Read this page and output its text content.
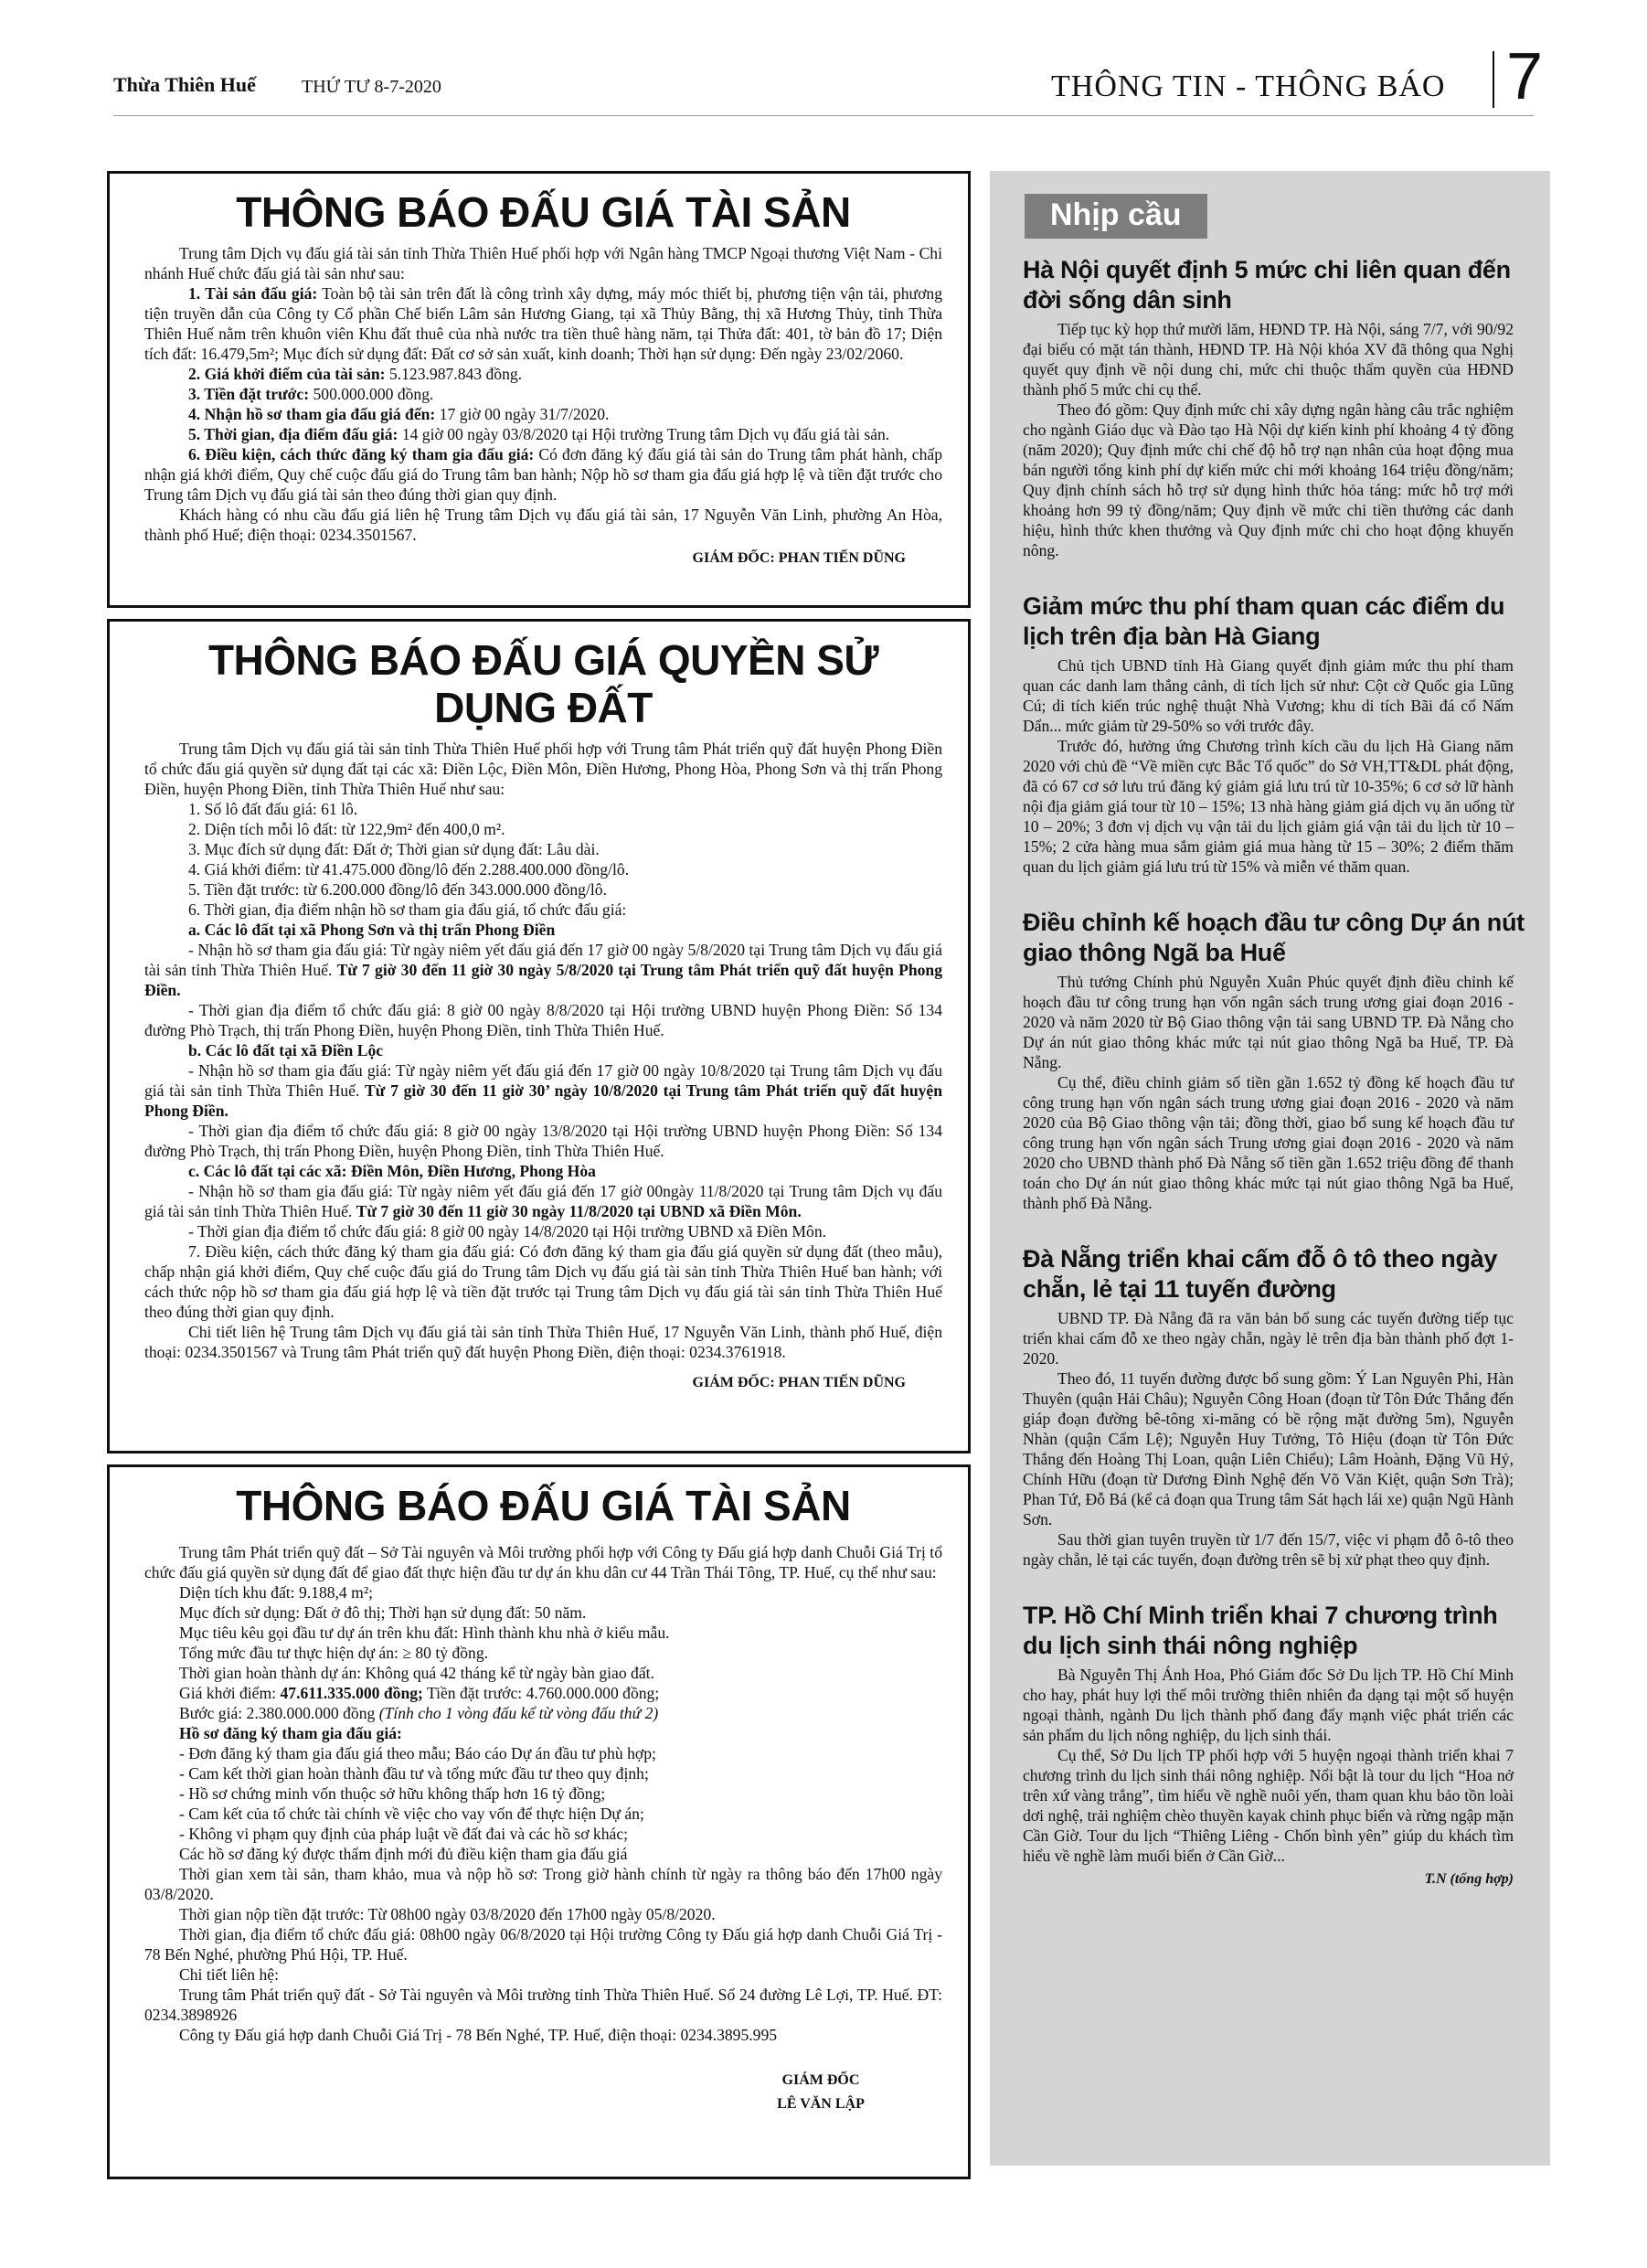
Thừa Thiên Huế	THỨ TƯ 8-7-2020	THÔNG TIN - THÔNG BÁO 7
THÔNG BÁO ĐẤU GIÁ TÀI SẢN

Trung tâm Dịch vụ đấu giá tài sản tỉnh Thừa Thiên Huế phối hợp với Ngân hàng TMCP Ngoại thương Việt Nam - Chi nhánh Huế chức đấu giá tài sản như sau:

1. Tài sản đấu giá: Toàn bộ tài sản trên đất là công trình xây dựng, máy móc thiết bị, phương tiện vận tải, phương tiện truyền dẫn của Công ty Cổ phần Chế biến Lâm sản Hương Giang, tại xã Thủy Bằng, thị xã Hương Thủy, tỉnh Thừa Thiên Huế nằm trên khuôn viên Khu đất thuê của nhà nước tra tiền thuê hàng năm, tại Thửa đất: 401, tờ bản đồ 17; Diện tích đất: 16.479,5m²; Mục đích sử dụng đất: Đất cơ sở sản xuất, kinh doanh; Thời hạn sử dụng: Đến ngày 23/02/2060.

2. Giá khởi điểm của tài sản: 5.123.987.843 đồng.

3. Tiền đặt trước: 500.000.000 đồng.

4. Nhận hồ sơ tham gia đấu giá đến: 17 giờ 00 ngày 31/7/2020.

5. Thời gian, địa điểm đấu giá: 14 giờ 00 ngày 03/8/2020 tại Hội trường Trung tâm Dịch vụ đấu giá tài sản.

6. Điều kiện, cách thức đăng ký tham gia đấu giá: Có đơn đăng ký đấu giá tài sản do Trung tâm phát hành, chấp nhận giá khởi điểm, Quy chế cuộc đấu giá do Trung tâm ban hành; Nộp hồ sơ tham gia đấu giá hợp lệ và tiền đặt trước cho Trung tâm Dịch vụ đấu giá tài sản theo đúng thời gian quy định.

Khách hàng có nhu cầu đấu giá liên hệ Trung tâm Dịch vụ đấu giá tài sản, 17 Nguyễn Văn Linh, phường An Hòa, thành phố Huế; điện thoại: 0234.3501567.

GIÁM ĐỐC: PHAN TIẾN DŨNG
THÔNG BÁO ĐẤU GIÁ QUYỀN SỬ DỤNG ĐẤT

Trung tâm Dịch vụ đấu giá tài sản tỉnh Thừa Thiên Huế phối hợp với Trung tâm Phát triển quỹ đất huyện Phong Điền tổ chức đấu giá quyền sử dụng đất tại các xã: Điền Lộc, Điền Môn, Điền Hương, Phong Hòa, Phong Sơn và thị trấn Phong Điền, huyện Phong Điền, tỉnh Thừa Thiên Huế như sau:

1. Số lô đất đấu giá: 61 lô.

2. Diện tích mỗi lô đất: từ 122,9m² đến 400,0 m².

3. Mục đích sử dụng đất: Đất ở; Thời gian sử dụng đất: Lâu dài.

4. Giá khởi điểm: từ 41.475.000 đồng/lô đến 2.288.400.000 đồng/lô.

5. Tiền đặt trước: từ 6.200.000 đồng/lô đến 343.000.000 đồng/lô.

6. Thời gian, địa điểm nhận hồ sơ tham gia đấu giá, tổ chức đấu giá:

a. Các lô đất tại xã Phong Sơn và thị trấn Phong Điền

- Nhận hồ sơ tham gia đấu giá: Từ ngày niêm yết đấu giá đến 17 giờ 00 ngày 5/8/2020 tại Trung tâm Dịch vụ đấu giá tài sản tỉnh Thừa Thiên Huế. Từ 7 giờ 30 đến 11 giờ 30 ngày 5/8/2020 tại Trung tâm Phát triển quỹ đất huyện Phong Điền.

- Thời gian địa điểm tổ chức đấu giá: 8 giờ 00 ngày 8/8/2020 tại Hội trường UBND huyện Phong Điền: Số 134 đường Phò Trạch, thị trấn Phong Điền, huyện Phong Điền, tỉnh Thừa Thiên Huế.

b. Các lô đất tại xã Điền Lộc

- Nhận hồ sơ tham gia đấu giá: Từ ngày niêm yết đấu giá đến 17 giờ 00 ngày 10/8/2020 tại Trung tâm Dịch vụ đấu giá tài sản tỉnh Thừa Thiên Huế. Từ 7 giờ 30 đến 11 giờ 30’ ngày 10/8/2020 tại Trung tâm Phát triển quỹ đất huyện Phong Điền.

- Thời gian địa điểm tổ chức đấu giá: 8 giờ 00 ngày 13/8/2020 tại Hội trường UBND huyện Phong Điền: Số 134 đường Phò Trạch, thị trấn Phong Điền, huyện Phong Điền, tỉnh Thừa Thiên Huế.

c. Các lô đất tại các xã: Điền Môn, Điền Hương, Phong Hòa

- Nhận hồ sơ tham gia đấu giá: Từ ngày niêm yết đấu giá đến 17 giờ 00ngày 11/8/2020 tại Trung tâm Dịch vụ đấu giá tài sản tỉnh Thừa Thiên Huế. Từ 7 giờ 30 đến 11 giờ 30 ngày 11/8/2020 tại UBND xã Điền Môn.

- Thời gian địa điểm tổ chức đấu giá: 8 giờ 00 ngày 14/8/2020 tại Hội trường UBND xã Điền Môn.

7. Điều kiện, cách thức đăng ký tham gia đấu giá: Có đơn đăng ký tham gia đấu giá quyền sử dụng đất (theo mẫu), chấp nhận giá khởi điểm, Quy chế cuộc đấu giá do Trung tâm Dịch vụ đấu giá tài sản tỉnh Thừa Thiên Huế ban hành; với cách thức nộp hồ sơ tham gia đấu giá hợp lệ và tiền đặt trước tại Trung tâm Dịch vụ đấu giá tài sản tỉnh Thừa Thiên Huế theo đúng thời gian quy định.

Chi tiết liên hệ Trung tâm Dịch vụ đấu giá tài sản tỉnh Thừa Thiên Huế, 17 Nguyễn Văn Linh, thành phố Huế, điện thoại: 0234.3501567 và Trung tâm Phát triển quỹ đất huyện Phong Điền, điện thoại: 0234.3761918.

GIÁM ĐỐC: PHAN TIẾN DŨNG
THÔNG BÁO ĐẤU GIÁ TÀI SẢN

Trung tâm Phát triển quỹ đất – Sở Tài nguyên và Môi trường phối hợp với Công ty Đấu giá hợp danh Chuỗi Giá Trị tổ chức đấu giá quyền sử dụng đất để giao đất thực hiện đầu tư dự án khu dân cư 44 Trần Thái Tông, TP. Huế, cụ thể như sau:

Diện tích khu đất: 9.188,4 m²;

Mục đích sử dụng: Đất ở đô thị; Thời hạn sử dụng đất: 50 năm.

Mục tiêu kêu gọi đầu tư dự án trên khu đất: Hình thành khu nhà ở kiểu mẫu.

Tổng mức đầu tư thực hiện dự án: ≥ 80 tỷ đồng.

Thời gian hoàn thành dự án: Không quá 42 tháng kể từ ngày bàn giao đất.

Giá khởi điểm: 47.611.335.000 đồng; Tiền đặt trước: 4.760.000.000 đồng;

Bước giá: 2.380.000.000 đồng (Tính cho 1 vòng đấu kể từ vòng đấu thứ 2)

Hồ sơ đăng ký tham gia đấu giá:

- Đơn đăng ký tham gia đấu giá theo mẫu; Báo cáo Dự án đầu tư phù hợp;

- Cam kết thời gian hoàn thành đầu tư và tổng mức đầu tư theo quy định;

- Hồ sơ chứng minh vốn thuộc sở hữu không thấp hơn 16 tỷ đồng;

- Cam kết của tổ chức tài chính về việc cho vay vốn để thực hiện Dự án;

- Không vi phạm quy định của pháp luật về đất đai và các hồ sơ khác;

Các hồ sơ đăng ký được thẩm định mới đủ điều kiện tham gia đấu giá

Thời gian xem tài sản, tham khảo, mua và nộp hồ sơ: Trong giờ hành chính từ ngày ra thông báo đến 17h00 ngày 03/8/2020.

Thời gian nộp tiền đặt trước: Từ 08h00 ngày 03/8/2020 đến 17h00 ngày 05/8/2020.

Thời gian, địa điểm tổ chức đấu giá: 08h00 ngày 06/8/2020 tại Hội trường Công ty Đấu giá hợp danh Chuỗi Giá Trị - 78 Bến Nghé, phường Phú Hội, TP. Huế.

Chi tiết liên hệ:

Trung tâm Phát triển quỹ đất - Sở Tài nguyên và Môi trường tỉnh Thừa Thiên Huế. Số 24 đường Lê Lợi, TP. Huế. ĐT: 0234.3898926

Công ty Đấu giá hợp danh Chuỗi Giá Trị - 78 Bến Nghé, TP. Huế, điện thoại: 0234.3895.995

GIÁM ĐỐC
LÊ VĂN LẬP
Nhịp cầu
Hà Nội quyết định 5 mức chi liên quan đến đời sống dân sinh

Tiếp tục kỳ họp thứ mười lăm, HĐND TP. Hà Nội, sáng 7/7, với 90/92 đại biểu có mặt tán thành, HĐND TP. Hà Nội khóa XV đã thông qua Nghị quyết quy định về nội dung chi, mức chi thuộc thẩm quyền của HĐND thành phố 5 mức chi cụ thể.

Theo đó gồm: Quy định mức chi xây dựng ngân hàng câu trắc nghiệm cho ngành Giáo dục và Đào tạo Hà Nội dự kiến kinh phí khoảng 4 tỷ đồng (năm 2020); Quy định mức chi chế độ hỗ trợ nạn nhân của hoạt động mua bán người tổng kinh phí dự kiến mức chi mới khoảng 164 triệu đồng/năm; Quy định chính sách hỗ trợ sử dụng hình thức hỏa táng: mức hỗ trợ mới khoảng hơn 99 tỷ đồng/năm; Quy định về mức chi tiền thưởng các danh hiệu, hình thức khen thưởng và Quy định mức chi cho hoạt động khuyến nông.

Giảm mức thu phí tham quan các điểm du lịch trên địa bàn Hà Giang

Chủ tịch UBND tỉnh Hà Giang quyết định giảm mức thu phí tham quan các danh lam thắng cảnh, di tích lịch sử như: Cột cờ Quốc gia Lũng Cú; di tích kiến trúc nghệ thuật Nhà Vương; khu di tích Bãi đá cổ Nấm Dẩn... mức giảm từ 29-50% so với trước đây.

Trước đó, hưởng ứng Chương trình kích cầu du lịch Hà Giang năm 2020 với chủ đề “Về miền cực Bắc Tổ quốc” do Sở VH,TT&DL phát động, đã có 67 cơ sở lưu trú đăng ký giảm giá lưu trú từ 10-35%; 6 cơ sở lữ hành nội địa giảm giá tour từ 10 – 15%; 13 nhà hàng giảm giá dịch vụ ăn uống từ 10 – 20%; 3 đơn vị dịch vụ vận tải du lịch giảm giá vận tải du lịch từ 10 – 15%; 2 cửa hàng mua sắm giảm giá mua hàng từ 15 – 30%; 2 điểm thăm quan du lịch giảm giá lưu trú từ 15% và miễn vé thăm quan.

Điều chỉnh kế hoạch đầu tư công Dự án nút giao thông Ngã ba Huế

Thủ tướng Chính phủ Nguyễn Xuân Phúc quyết định điều chỉnh kế hoạch đầu tư công trung hạn vốn ngân sách trung ương giai đoạn 2016 - 2020 và năm 2020 từ Bộ Giao thông vận tải sang UBND TP. Đà Nẵng cho Dự án nút giao thông khác mức tại nút giao thông Ngã ba Huế, TP. Đà Nẵng.

Cụ thể, điều chỉnh giảm số tiền gần 1.652 tỷ đồng kế hoạch đầu tư công trung hạn vốn ngân sách trung ương giai đoạn 2016 - 2020 và năm 2020 của Bộ Giao thông vận tải; đồng thời, giao bổ sung kế hoạch đầu tư công trung hạn vốn ngân sách Trung ương giai đoạn 2016 - 2020 và năm 2020 cho UBND thành phố Đà Nẵng số tiền gần 1.652 triệu đồng để thanh toán cho Dự án nút giao thông khác mức tại nút giao thông Ngã ba Huế, thành phố Đà Nẵng.

Đà Nẵng triển khai cấm đỗ ô tô theo ngày chẵn, lẻ tại 11 tuyến đường

UBND TP. Đà Nẵng đã ra văn bản bổ sung các tuyến đường tiếp tục triển khai cấm đỗ xe theo ngày chẵn, ngày lẻ trên địa bàn thành phố đợt 1-2020.

Theo đó, 11 tuyến đường được bổ sung gồm: Ý Lan Nguyên Phi, Hàn Thuyên (quận Hải Châu); Nguyễn Công Hoan (đoạn từ Tôn Đức Thắng đến giáp đoạn đường bê-tông xi-măng có bề rộng mặt đường 5m), Nguyễn Nhàn (quận Cẩm Lệ); Nguyễn Huy Tưởng, Tô Hiệu (đoạn từ Tôn Đức Thắng đến Hoàng Thị Loan, quận Liên Chiểu); Lâm Hoành, Đặng Vũ Hỷ, Chính Hữu (đoạn từ Dương Đình Nghệ đến Võ Văn Kiệt, quận Sơn Trà); Phan Tứ, Đỗ Bá (kể cả đoạn qua Trung tâm Sát hạch lái xe) quận Ngũ Hành Sơn.

Sau thời gian tuyên truyền từ 1/7 đến 15/7, việc vi phạm đỗ ô-tô theo ngày chẵn, lẻ tại các tuyến, đoạn đường trên sẽ bị xử phạt theo quy định.

TP. Hồ Chí Minh triển khai 7 chương trình du lịch sinh thái nông nghiệp

Bà Nguyễn Thị Ánh Hoa, Phó Giám đốc Sở Du lịch TP. Hồ Chí Minh cho hay, phát huy lợi thế môi trường thiên nhiên đa dạng tại một số huyện ngoại thành, ngành Du lịch thành phố đang đẩy mạnh việc phát triển các sản phẩm du lịch nông nghiệp, du lịch sinh thái.

Cụ thể, Sở Du lịch TP phối hợp với 5 huyện ngoại thành triển khai 7 chương trình du lịch sinh thái nông nghiệp. Nổi bật là tour du lịch “Hoa nở trên xứ vàng trắng”, tìm hiểu về nghề nuôi yến, tham quan khu bảo tồn loài dơi nghệ, trải nghiệm chèo thuyền kayak chinh phục biển và rừng ngập mặn Cần Giờ. Tour du lịch “Thiêng Liêng - Chốn bình yên” giúp du khách tìm hiểu về nghề làm muối biển ở Cần Giờ...

T.N (tổng hợp)
